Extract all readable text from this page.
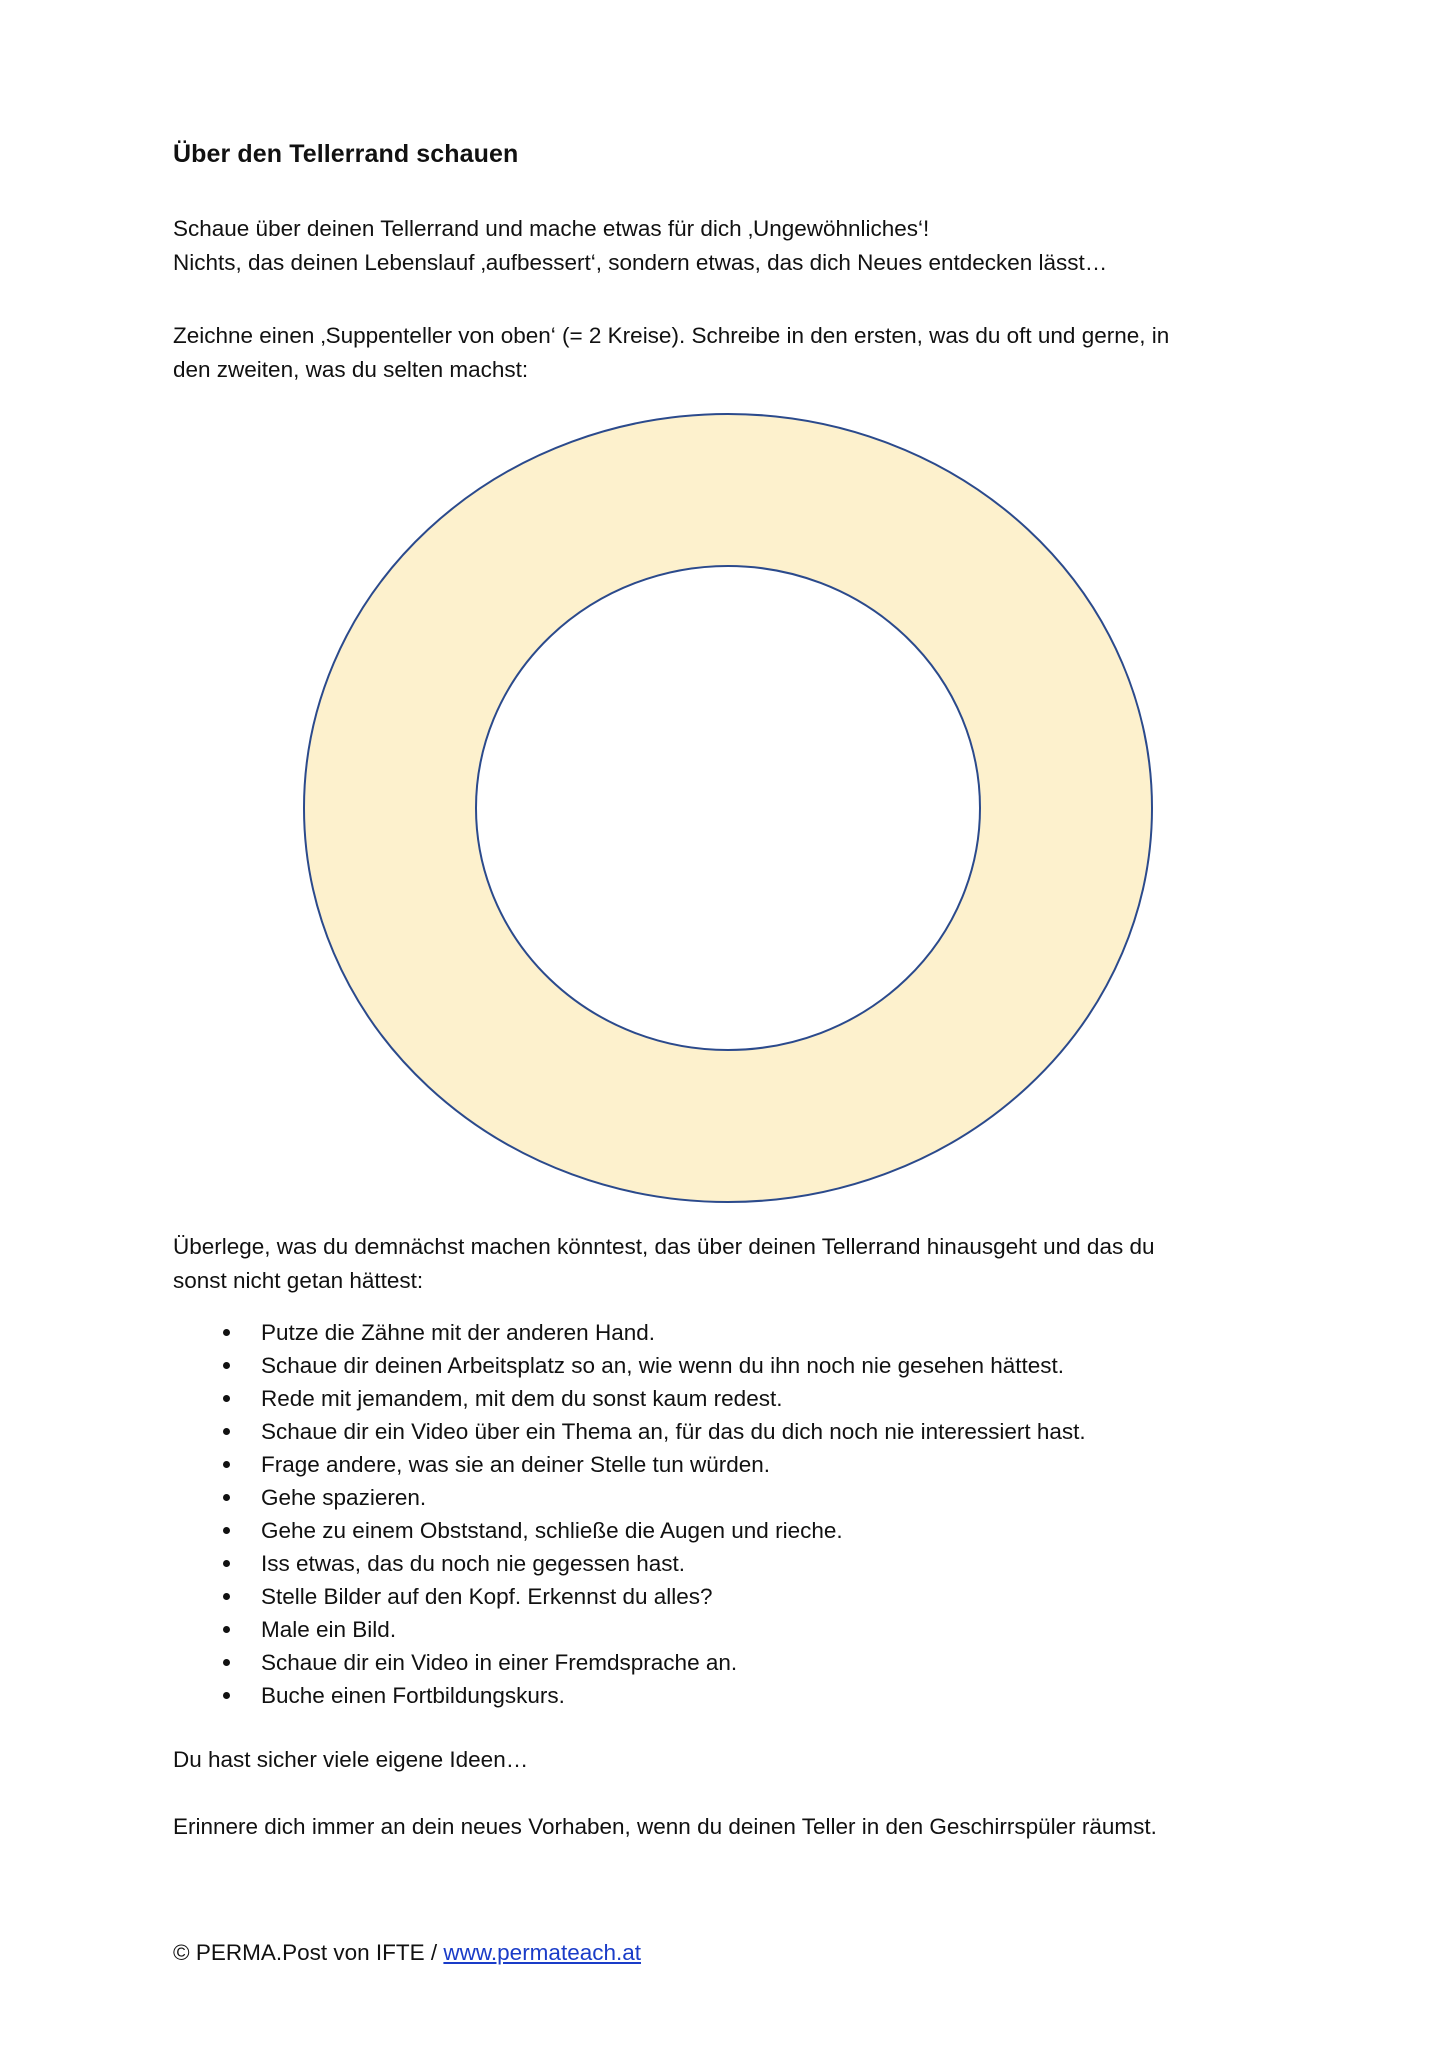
Über den Tellerrand schauen
Schaue über deinen Tellerrand und mache etwas für dich ‚Ungewöhnliches‘!
Nichts, das deinen Lebenslauf ‚aufbessert‘, sondern etwas, das dich Neues entdecken lässt…
Zeichne einen ‚Suppenteller von oben‘ (= 2 Kreise). Schreibe in den ersten, was du oft und gerne, in
den zweiten, was du selten machst:
Überlege, was du demnächst machen könntest, das über deinen Tellerrand hinausgeht und das du
sonst nicht getan hättest:
Putze die Zähne mit der anderen Hand.
Schaue dir deinen Arbeitsplatz so an, wie wenn du ihn noch nie gesehen hättest.
Rede mit jemandem, mit dem du sonst kaum redest.
Schaue dir ein Video über ein Thema an, für das du dich noch nie interessiert hast.
Frage andere, was sie an deiner Stelle tun würden.
Gehe spazieren.
Gehe zu einem Obststand, schließe die Augen und rieche.
Iss etwas, das du noch nie gegessen hast.
Stelle Bilder auf den Kopf. Erkennst du alles?
Male ein Bild.
Schaue dir ein Video in einer Fremdsprache an.
Buche einen Fortbildungskurs.
Du hast sicher viele eigene Ideen…
Erinnere dich immer an dein neues Vorhaben, wenn du deinen Teller in den Geschirrspüler räumst.
© PERMA.Post von IFTE / www.permateach.at
